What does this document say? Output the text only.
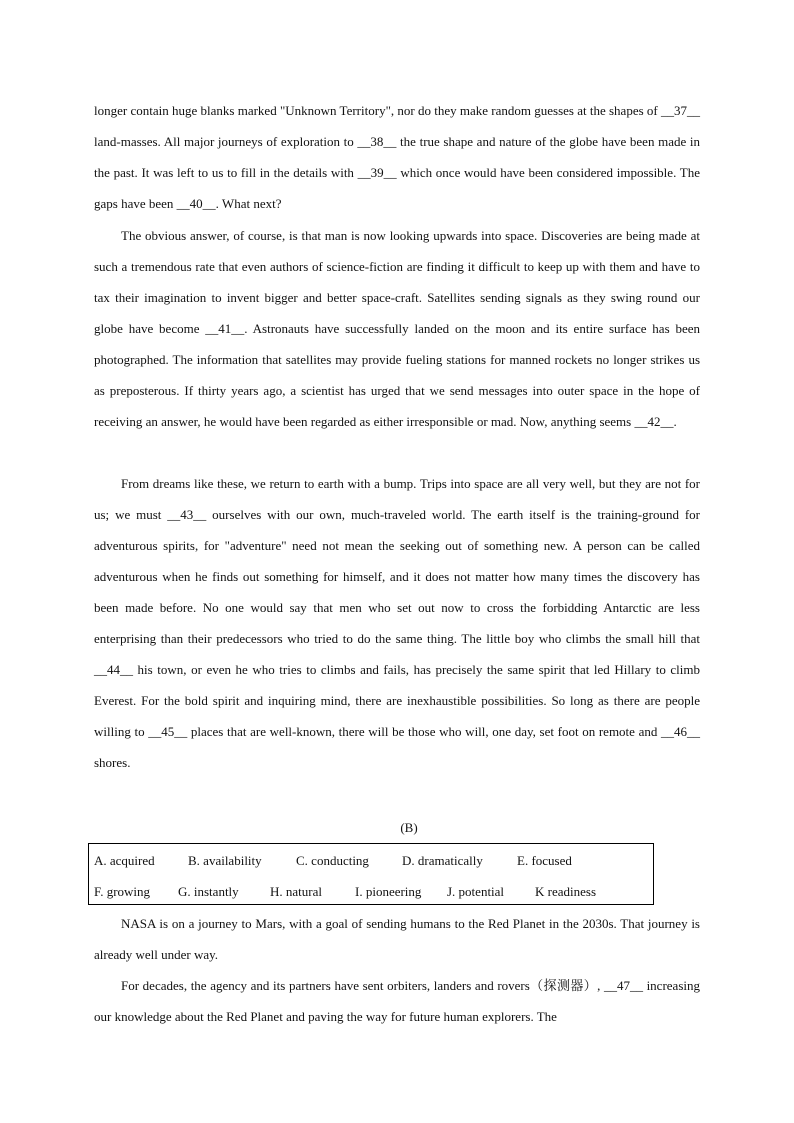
longer contain huge blanks marked "Unknown Territory", nor do they make random guesses at the shapes of __37__ land-masses. All major journeys of exploration to __38__ the true shape and nature of the globe have been made in the past. It was left to us to fill in the details with __39__ which once would have been considered impossible. The gaps have been __40__. What next?

The obvious answer, of course, is that man is now looking upwards into space. Discoveries are being made at such a tremendous rate that even authors of science-fiction are finding it difficult to keep up with them and have to tax their imagination to invent bigger and better space-craft. Satellites sending signals as they swing round our globe have become __41__. Astronauts have successfully landed on the moon and its entire surface has been photographed. The information that satellites may provide fueling stations for manned rockets no longer strikes us as preposterous. If thirty years ago, a scientist has urged that we send messages into outer space in the hope of receiving an answer, he would have been regarded as either irresponsible or mad. Now, anything seems __42__.

From dreams like these, we return to earth with a bump. Trips into space are all very well, but they are not for us; we must __43__ ourselves with our own, much-traveled world. The earth itself is the training-ground for adventurous spirits, for "adventure" need not mean the seeking out of something new. A person can be called adventurous when he finds out something for himself, and it does not matter how many times the discovery has been made before. No one would say that men who set out now to cross the forbidding Antarctic are less enterprising than their predecessors who tried to do the same thing. The little boy who climbs the small hill that __44__ his town, or even he who tries to climbs and fails, has precisely the same spirit that led Hillary to climb Everest. For the bold spirit and inquiring mind, there are inexhaustible possibilities. So long as there are people willing to __45__ places that are well-known, there will be those who will, one day, set foot on remote and __46__ shores.

(B)
A. acquired	B. availability	C. conducting	D. dramatically	E. focused
F. growing G. instantly H. natural	I. pioneering J. potential K readiness

NASA is on a journey to Mars, with a goal of sending humans to the Red Planet in the 2030s. That journey is already well under way.

For decades, the agency and its partners have sent orbiters, landers and rovers（探测器）, __47__ increasing our knowledge about the Red Planet and paving the way for future human explorers. The
